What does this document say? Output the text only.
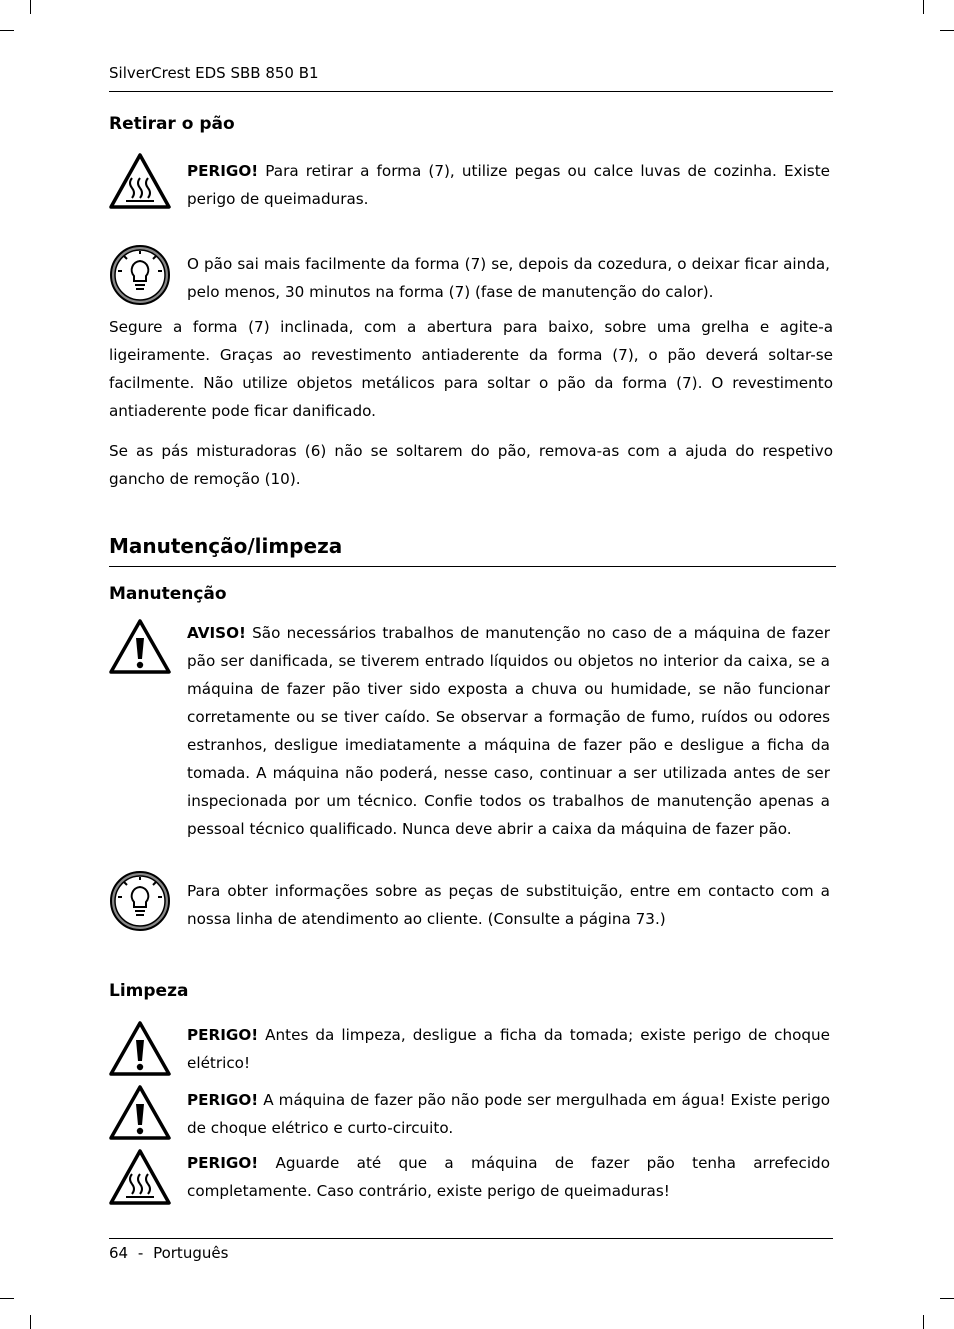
SilverCrest EDS SBB 850 B1
Retirar o pão
PERIGO! Para retirar a forma (7), utilize pegas ou calce luvas de cozinha. Existe perigo de queimaduras.
O pão sai mais facilmente da forma (7) se, depois da cozedura, o deixar ficar ainda, pelo menos, 30 minutos na forma (7) (fase de manutenção do calor).
Segure a forma (7) inclinada, com a abertura para baixo, sobre uma grelha e agite-a ligeiramente. Graças ao revestimento antiaderente da forma (7), o pão deverá soltar-se facilmente. Não utilize objetos metálicos para soltar o pão da forma (7). O revestimento antiaderente pode ficar danificado.
Se as pás misturadoras (6) não se soltarem do pão, remova-as com a ajuda do respetivo gancho de remoção (10).
Manutenção/limpeza
Manutenção
AVISO! São necessários trabalhos de manutenção no caso de a máquina de fazer pão ser danificada, se tiverem entrado líquidos ou objetos no interior da caixa, se a máquina de fazer pão tiver sido exposta a chuva ou humidade, se não funcionar corretamente ou se tiver caído. Se observar a formação de fumo, ruídos ou odores estranhos, desligue imediatamente a máquina de fazer pão e desligue a ficha da tomada. A máquina não poderá, nesse caso, continuar a ser utilizada antes de ser inspecionada por um técnico. Confie todos os trabalhos de manutenção apenas a pessoal técnico qualificado. Nunca deve abrir a caixa da máquina de fazer pão.
Para obter informações sobre as peças de substituição, entre em contacto com a nossa linha de atendimento ao cliente. (Consulte a página 73.)
Limpeza
PERIGO! Antes da limpeza, desligue a ficha da tomada; existe perigo de choque elétrico!
PERIGO! A máquina de fazer pão não pode ser mergulhada em água! Existe perigo de choque elétrico e curto-circuito.
PERIGO! Aguarde até que a máquina de fazer pão tenha arrefecido completamente. Caso contrário, existe perigo de queimaduras!
64 - Português
